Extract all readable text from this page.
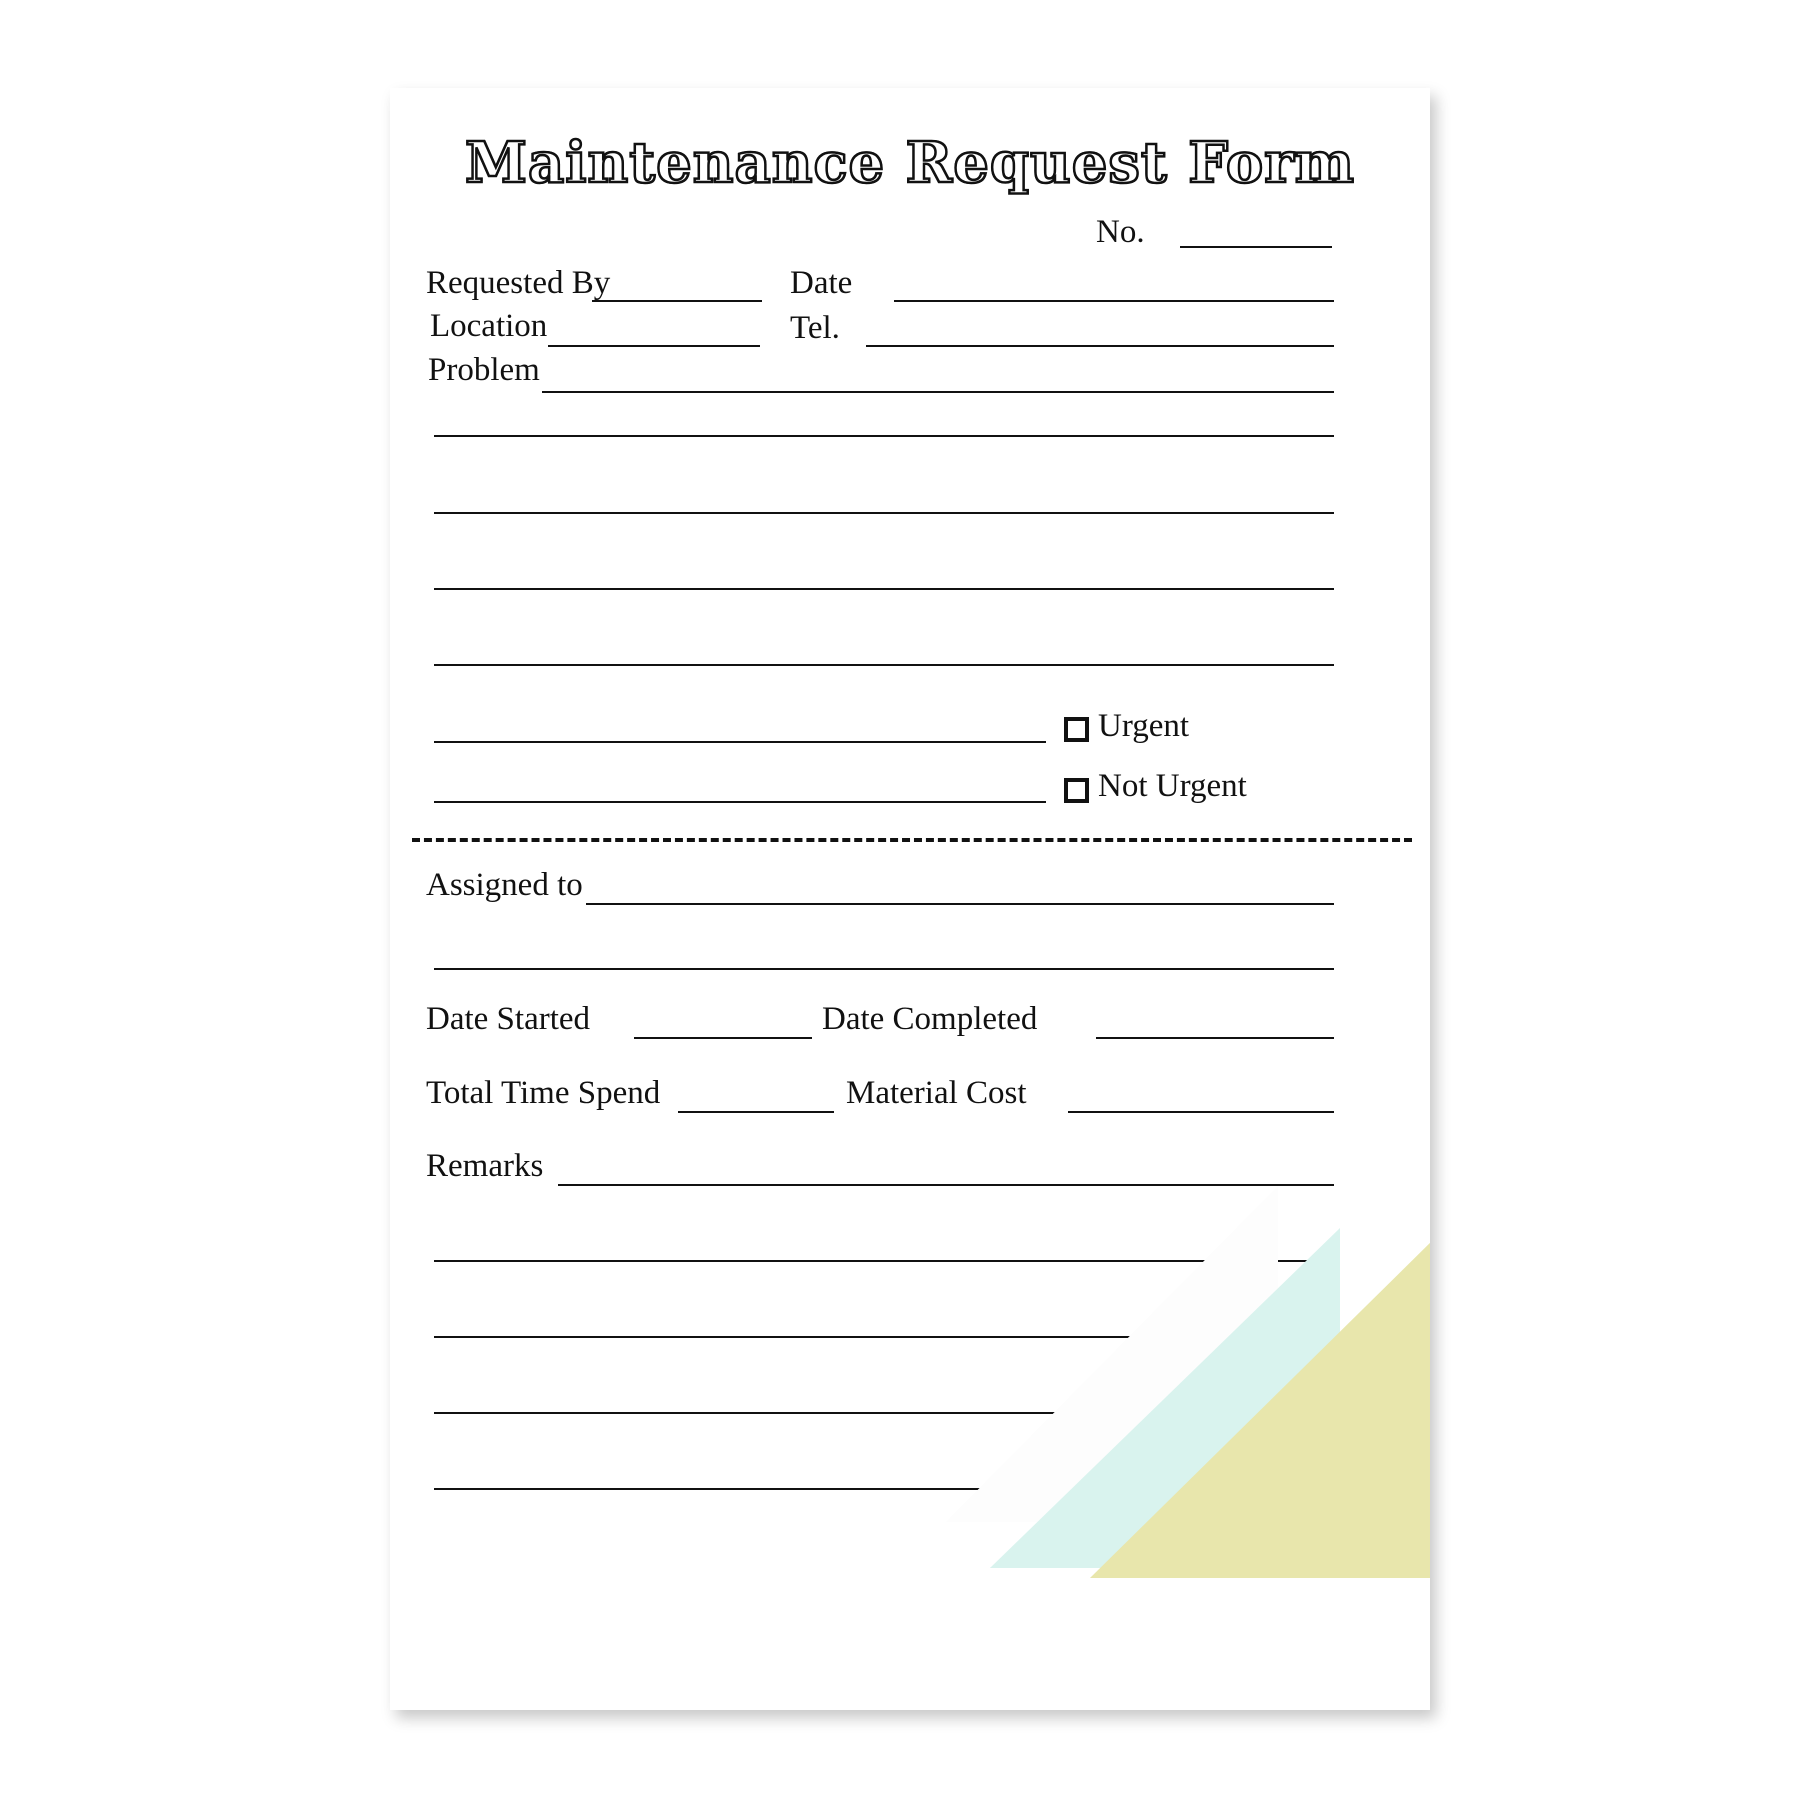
Maintenance Request Form
No.
Requested By	Date
Location	Tel.
Problem
Urgent
Not Urgent
Assigned to
Date Started	Date Completed
Total Time Spend	Material Cost
Remarks
